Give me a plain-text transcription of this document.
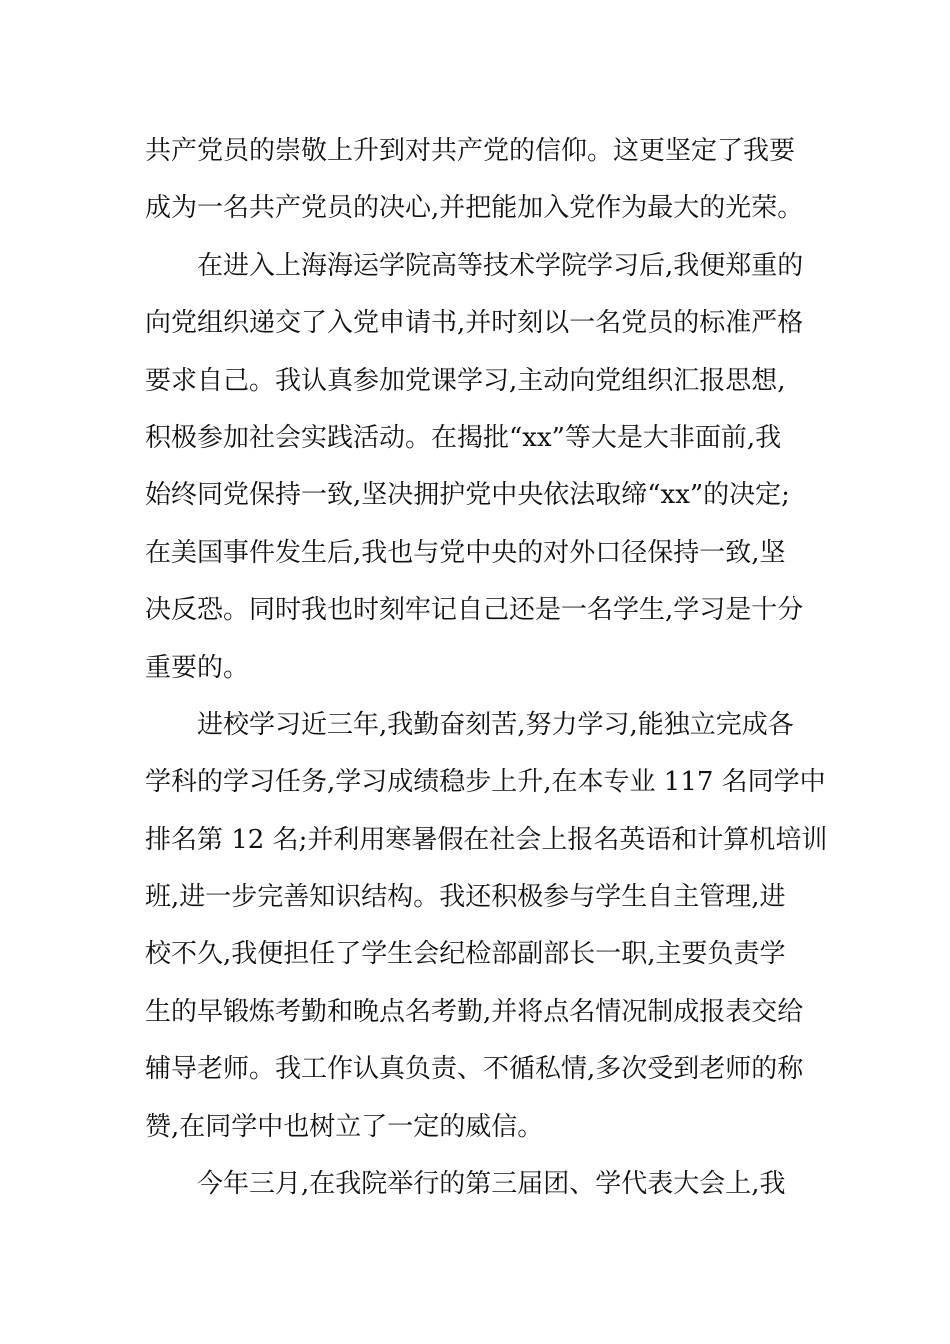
共产党员的崇敬上升到对共产党的信仰。这更坚定了我要
成为一名共产党员的决心,并把能加入党作为最大的光荣。
在进入上海海运学院高等技术学院学习后,我便郑重的
向党组织递交了入党申请书,并时刻以一名党员的标准严格
要求自己。我认真参加党课学习,主动向党组织汇报思想,
积极参加社会实践活动。在揭批“xx”等大是大非面前,我
始终同党保持一致,坚决拥护党中央依法取缔“xx”的决定;
在美国事件发生后,我也与党中央的对外口径保持一致,坚
决反恐。同时我也时刻牢记自己还是一名学生,学习是十分
重要的。
进校学习近三年,我勤奋刻苦,努力学习,能独立完成各
学科的学习任务,学习成绩稳步上升,在本专业 117 名同学中
排名第 12 名;并利用寒暑假在社会上报名英语和计算机培训
班,进一步完善知识结构。我还积极参与学生自主管理,进
校不久,我便担任了学生会纪检部副部长一职,主要负责学
生的早锻炼考勤和晚点名考勤,并将点名情况制成报表交给
辅导老师。我工作认真负责、不循私情,多次受到老师的称
赞,在同学中也树立了一定的威信。
今年三月,在我院举行的第三届团、学代表大会上,我
